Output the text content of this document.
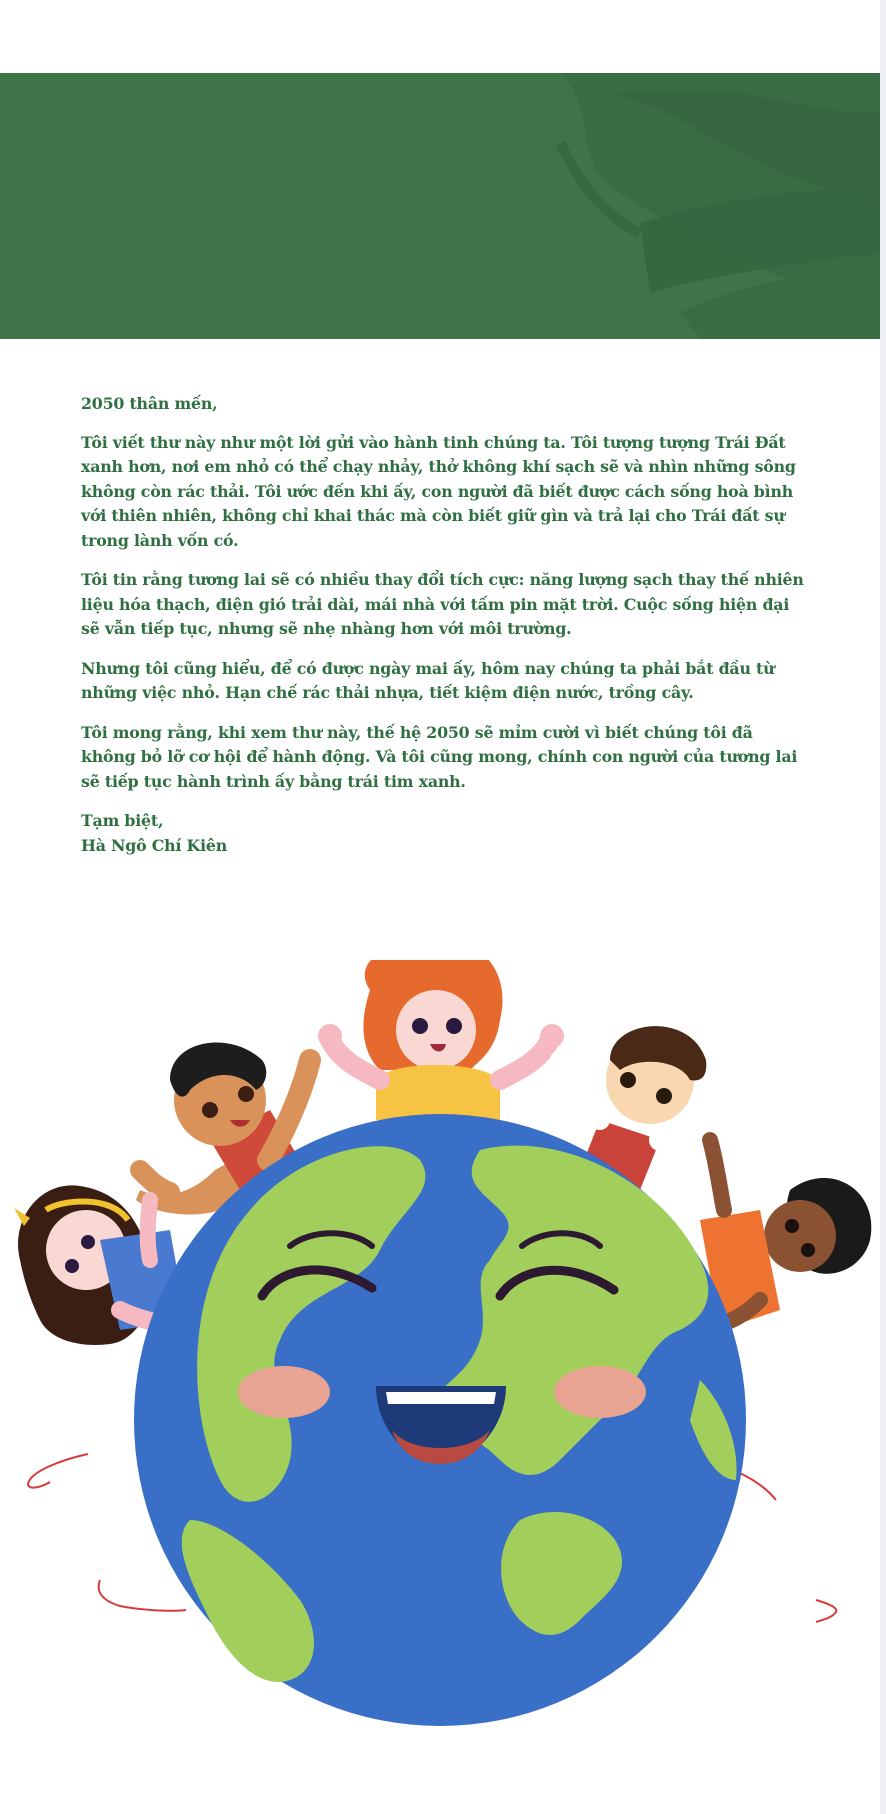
2050 thân mến,

Tôi viết thư này như một lời gửi vào hành tinh chúng ta. Tôi tượng tượng Trái Đất xanh hơn, nơi em nhỏ có thể chạy nhảy, thở không khí sạch sẽ và nhìn những sông không còn rác thải. Tôi ước đến khi ấy, con người đã biết được cách sống hoà bình với thiên nhiên, không chỉ khai thác mà còn biết giữ gìn và trả lại cho Trái đất sự trong lành vốn có.

Tôi tin rằng tương lai sẽ có nhiều thay đổi tích cực: năng lượng sạch thay thế nhiên liệu hóa thạch, điện gió trải dài, mái nhà với tấm pin mặt trời. Cuộc sống hiện đại sẽ vẫn tiếp tục, nhưng sẽ nhẹ nhàng hơn với môi trường.

Nhưng tôi cũng hiểu, để có được ngày mai ấy, hôm nay chúng ta phải bắt đầu từ những việc nhỏ. Hạn chế rác thải nhựa, tiết kiệm điện nước, trồng cây.

Tôi mong rằng, khi xem thư này, thế hệ 2050 sẽ mỉm cười vì biết chúng tôi đã không bỏ lỡ cơ hội để hành động. Và tôi cũng mong, chính con người của tương lai sẽ tiếp tục hành trình ấy bằng trái tim xanh.

Tạm biệt,

Hà Ngô Chí Kiên
